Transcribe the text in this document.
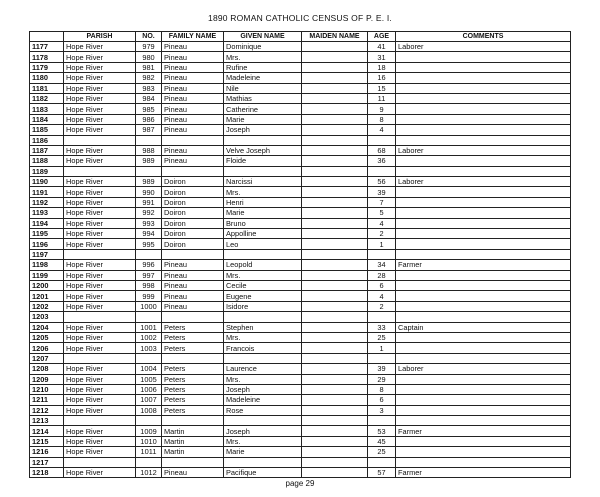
1890 ROMAN CATHOLIC CENSUS OF P. E. I.
	PARISH	NO.	FAMILY NAME	GIVEN NAME	MAIDEN NAME	AGE	COMMENTS
1177	Hope River	979	Pineau	Dominique		41	Laborer
1178	Hope River	980	Pineau	Mrs.		31	
1179	Hope River	981	Pineau	Rufine		18	
1180	Hope River	982	Pineau	Madeleine		16	
1181	Hope River	983	Pineau	Nile		15	
1182	Hope River	984	Pineau	Mathias		11	
1183	Hope River	985	Pineau	Catherine		9	
1184	Hope River	986	Pineau	Marie		8	
1185	Hope River	987	Pineau	Joseph		4	
1186							
1187	Hope River	988	Pineau	Velve Joseph		68	Laborer
1188	Hope River	989	Pineau	Floide		36	
1189							
1190	Hope River	989	Doiron	Narcissi		56	Laborer
1191	Hope River	990	Doiron	Mrs.		39	
1192	Hope River	991	Doiron	Henri		7	
1193	Hope River	992	Doiron	Marie		5	
1194	Hope River	993	Doiron	Bruno		4	
1195	Hope River	994	Doiron	Appolline		2	
1196	Hope River	995	Doiron	Leo		1	
1197							
1198	Hope River	996	Pineau	Leopold		34	Farmer
1199	Hope River	997	Pineau	Mrs.		28	
1200	Hope River	998	Pineau	Cecile		6	
1201	Hope River	999	Pineau	Eugene		4	
1202	Hope River	1000	Pineau	Isidore		2	
1203							
1204	Hope River	1001	Peters	Stephen		33	Captain
1205	Hope River	1002	Peters	Mrs.		25	
1206	Hope River	1003	Peters	Francois		1	
1207							
1208	Hope River	1004	Peters	Laurence		39	Laborer
1209	Hope River	1005	Peters	Mrs.		29	
1210	Hope River	1006	Peters	Joseph		8	
1211	Hope River	1007	Peters	Madeleine		6	
1212	Hope River	1008	Peters	Rose		3	
1213							
1214	Hope River	1009	Martin	Joseph		53	Farmer
1215	Hope River	1010	Martin	Mrs.		45	
1216	Hope River	1011	Martin	Marie		25	
1217							
1218	Hope River	1012	Pineau	Pacifique		57	Farmer
page 29
